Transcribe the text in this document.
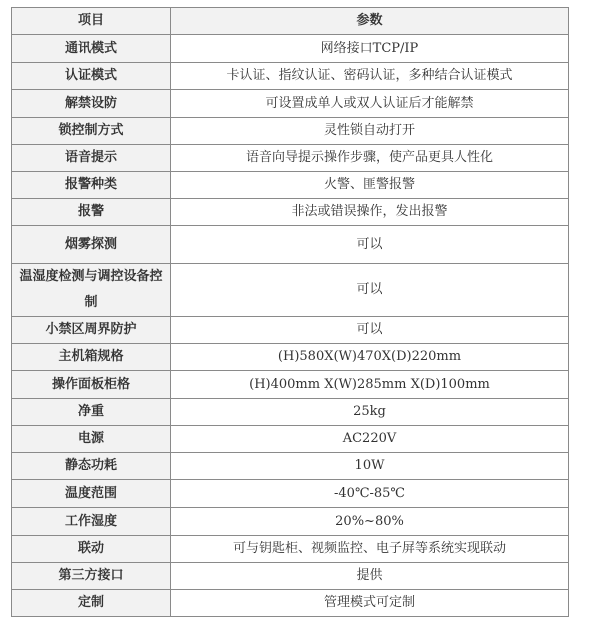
项目	参数
通讯模式	网络接口TCP/IP
认证模式	卡认证、指纹认证、密码认证，多种结合认证模式
解禁设防	可设置成单人或双人认证后才能解禁
锁控制方式	灵性锁自动打开
语音提示	语音向导提示操作步骤，使产品更具人性化
报警种类	火警、匪警报警
报警	非法或错误操作，发出报警
烟雾探测	可以
温湿度检测与调控设备控制	可以
小禁区周界防护	可以
主机箱规格	(H)580X(W)470X(D)220mm
操作面板柜格	(H)400mm X(W)285mm X(D)100mm
净重	25kg
电源	AC220V
静态功耗	10W
温度范围	-40℃-85℃
工作湿度	20%~80%
联动	可与钥匙柜、视频监控、电子屏等系统实现联动
第三方接口	提供
定制	管理模式可定制
